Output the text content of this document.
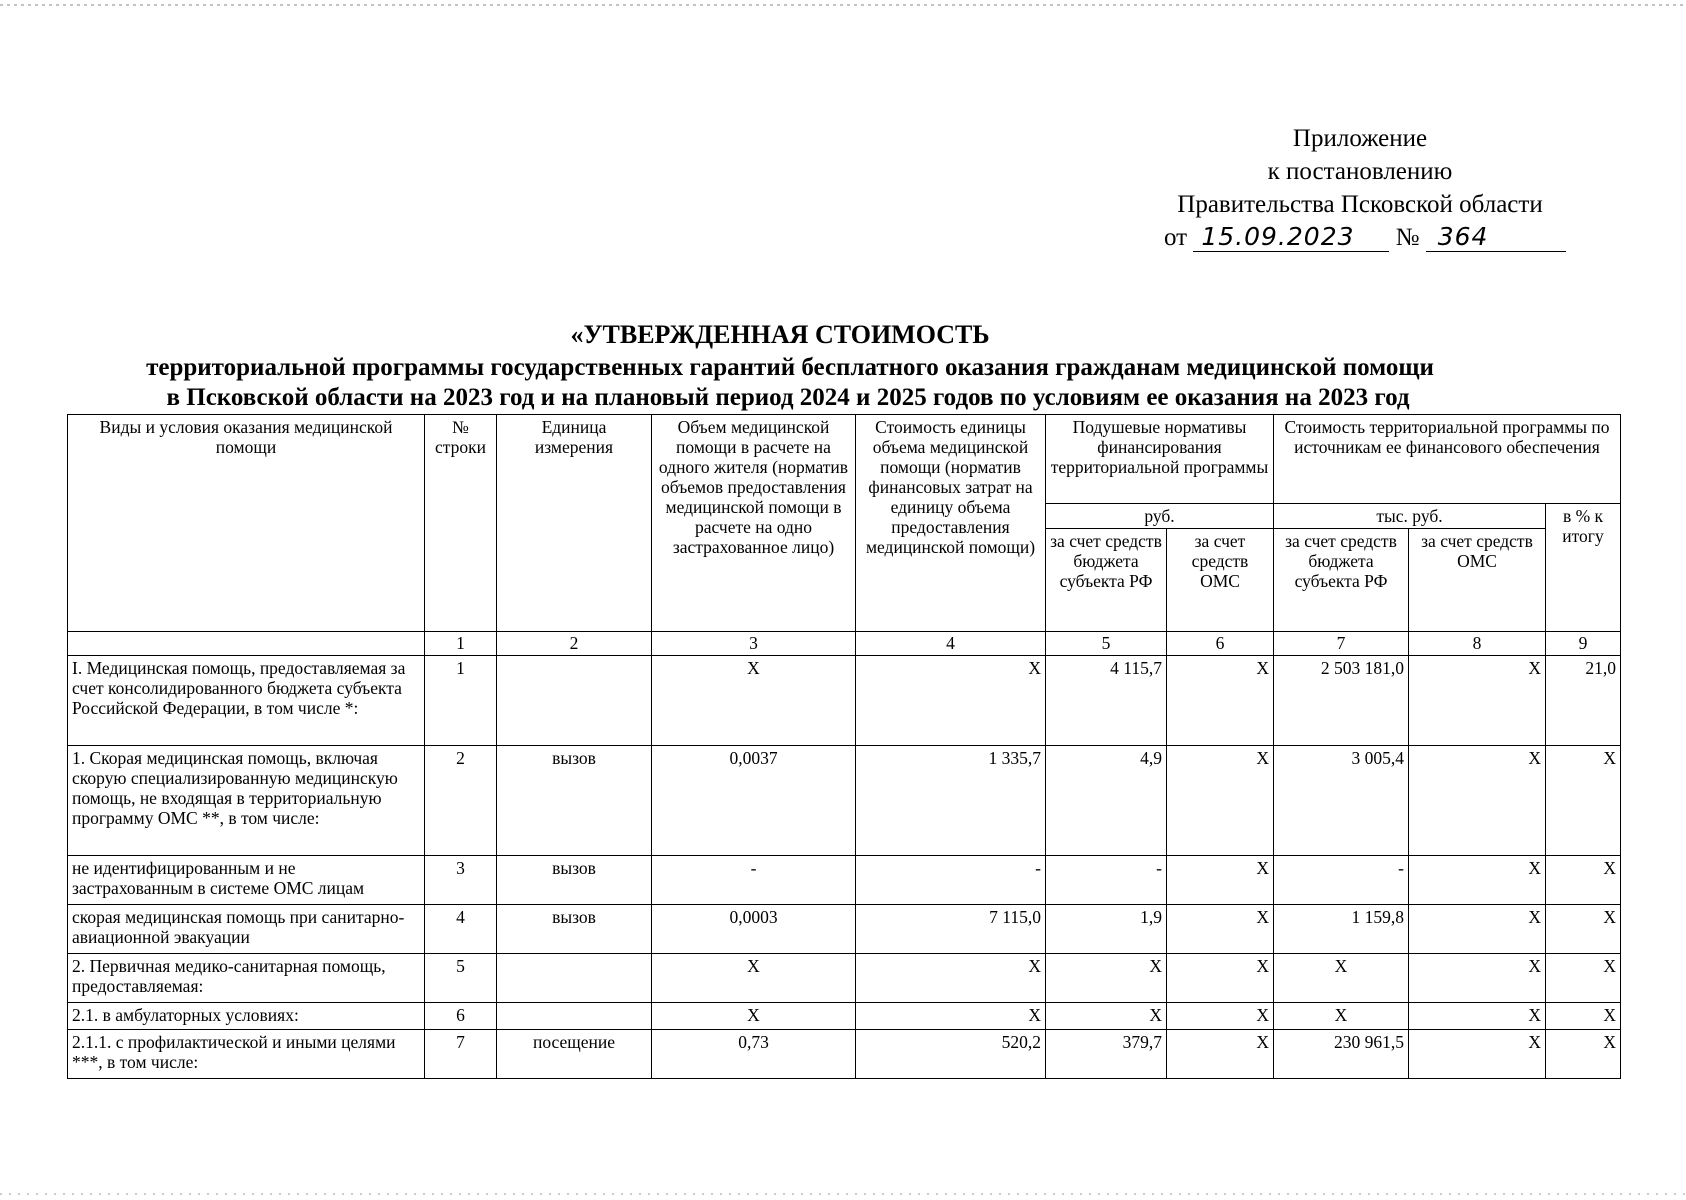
Приложение
к постановлению
Правительства Псковской области
от 15.09.2023 № 364
«УТВЕРЖДЕННАЯ СТОИМОСТЬ
территориальной программы государственных гарантий бесплатного оказания гражданам медицинской помощи
в Псковской области на 2023 год и на плановый период 2024 и 2025 годов по условиям ее оказания на 2023 год
Виды и условия оказания медицинской помощи	№ строки	Единица измерения	Объем медицинской помощи в расчете на одного жителя (норматив объемов предоставления медицинской помощи в расчете на одно застрахованное лицо)	Стоимость единицы объема медицинской помощи (норматив финансовых затрат на единицу объема предоставления медицинской помощи)	Подушевые нормативы финансирования территориальной программы		Стоимость территориальной программы по источникам ее финансового обеспечения		
					руб.		тыс. руб.		в % к итогу
					за счет средств бюджета субъекта РФ	за счет средств ОМС	за счет средств бюджета субъекта РФ	за счет средств ОМС	
	1	2	3	4	5	6	7	8	9
I. Медицинская помощь, предоставляемая за счет консолидированного бюджета субъекта Российской Федерации, в том числе *:	1		X	X	4 115,7	X	2 503 181,0	X	21,0
1. Скорая медицинская помощь, включая скорую специализированную медицинскую помощь, не входящая в территориальную программу ОМС **, в том числе:	2	вызов	0,0037	1 335,7	4,9	X	3 005,4	X	X
не идентифицированным и не застрахованным в системе ОМС лицам	3	вызов	-	-	-	X	-	X	X
скорая медицинская помощь при санитарно-авиационной эвакуации	4	вызов	0,0003	7 115,0	1,9	X	1 159,8	X	X
2. Первичная медико-санитарная помощь, предоставляемая:	5		X	X	X	X	X	X	X
2.1. в амбулаторных условиях:	6		X	X	X	X	X	X	X
2.1.1. с профилактической и иными целями ***, в том числе:	7	посещение	0,73	520,2	379,7	X	230 961,5	X	X
